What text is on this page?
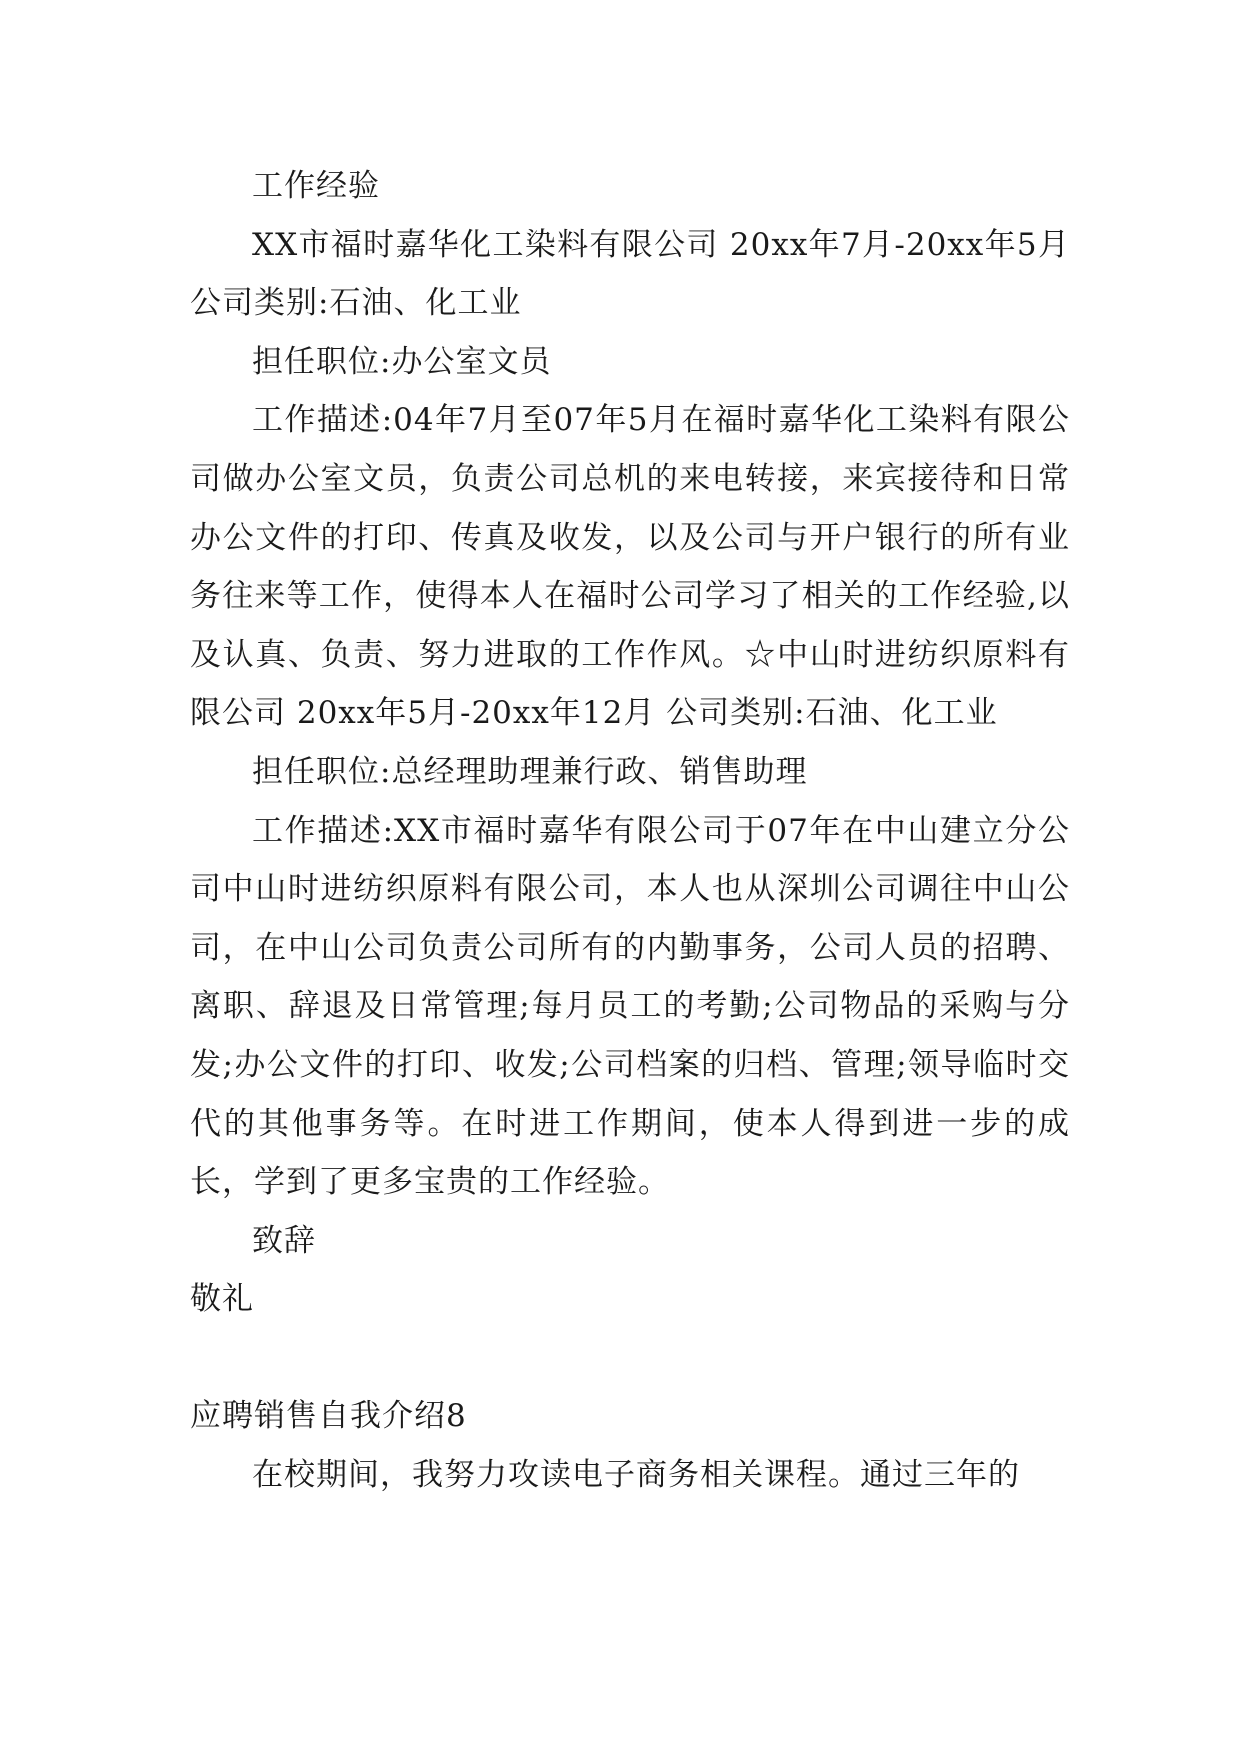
工作经验

XX市福时嘉华化工染料有限公司 20xx年7月-20xx年5月 公司类别:石油、化工业

担任职位:办公室文员

工作描述:04年7月至07年5月在福时嘉华化工染料有限公司做办公室文员，负责公司总机的来电转接，来宾接待和日常办公文件的打印、传真及收发，以及公司与开户银行的所有业务往来等工作，使得本人在福时公司学习了相关的工作经验,以及认真、负责、努力进取的工作作风。☆中山时进纺织原料有限公司 20xx年5月-20xx年12月 公司类别:石油、化工业

担任职位:总经理助理兼行政、销售助理

工作描述:XX市福时嘉华有限公司于07年在中山建立分公司中山时进纺织原料有限公司，本人也从深圳公司调往中山公司，在中山公司负责公司所有的内勤事务，公司人员的招聘、离职、辞退及日常管理;每月员工的考勤;公司物品的采购与分发;办公文件的打印、收发;公司档案的归档、管理;领导临时交代的其他事务等。在时进工作期间，使本人得到进一步的成长，学到了更多宝贵的工作经验。

致辞

敬礼

应聘销售自我介绍8

在校期间，我努力攻读电子商务相关课程。通过三年的
